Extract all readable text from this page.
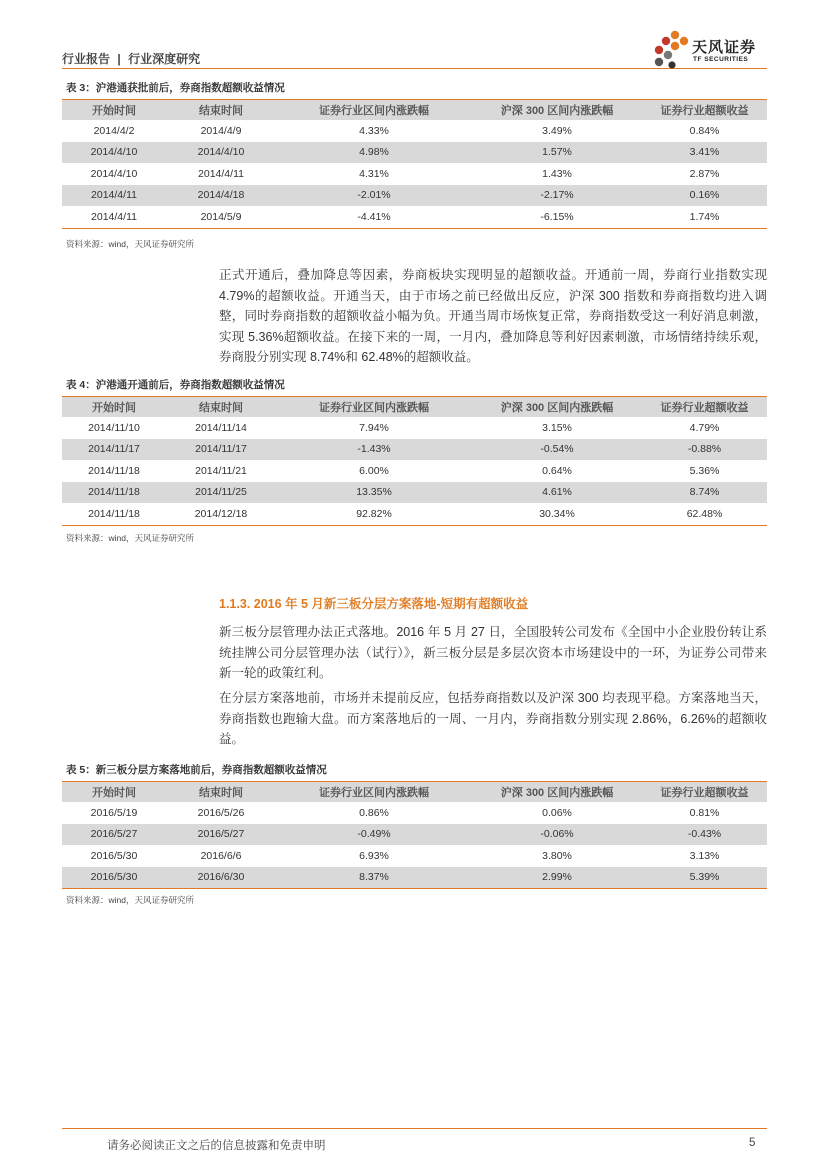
行业报告 | 行业深度研究
天风证券
TF SECURITIES
表 3：沪港通获批前后，券商指数超额收益情况
开始时间	结束时间	证券行业区间内涨跌幅	沪深 300 区间内涨跌幅	证券行业超额收益
2014/4/2	2014/4/9	4.33%	3.49%	0.84%
2014/4/10	2014/4/10	4.98%	1.57%	3.41%
2014/4/10	2014/4/11	4.31%	1.43%	2.87%
2014/4/11	2014/4/18	-2.01%	-2.17%	0.16%
2014/4/11	2014/5/9	-4.41%	-6.15%	1.74%
资料来源：wind，天风证券研究所

正式开通后，叠加降息等因素，券商板块实现明显的超额收益。开通前一周，券商行业指数实现 4.79%的超额收益。开通当天，由于市场之前已经做出反应，沪深 300 指数和券商指数均进入调整，同时券商指数的超额收益小幅为负。开通当周市场恢复正常，券商指数受这一利好消息刺激，实现 5.36%超额收益。在接下来的一周，一月内，叠加降息等利好因素刺激，市场情绪持续乐观，券商股分别实现 8.74%和 62.48%的超额收益。

表 4：沪港通开通前后，券商指数超额收益情况
开始时间	结束时间	证券行业区间内涨跌幅	沪深 300 区间内涨跌幅	证券行业超额收益
2014/11/10	2014/11/14	7.94%	3.15%	4.79%
2014/11/17	2014/11/17	-1.43%	-0.54%	-0.88%
2014/11/18	2014/11/21	6.00%	0.64%	5.36%
2014/11/18	2014/11/25	13.35%	4.61%	8.74%
2014/11/18	2014/12/18	92.82%	30.34%	62.48%
资料来源：wind，天风证券研究所
1.1.3. 2016 年 5 月新三板分层方案落地-短期有超额收益

新三板分层管理办法正式落地。2016 年 5 月 27 日，全国股转公司发布《全国中小企业股份转让系统挂牌公司分层管理办法（试行）》，新三板分层是多层次资本市场建设中的一环，为证券公司带来新一轮的政策红利。

在分层方案落地前，市场并未提前反应，包括券商指数以及沪深 300 均表现平稳。方案落地当天，券商指数也跑输大盘。而方案落地后的一周、一月内，券商指数分别实现 2.86%，6.26%的超额收益。

表 5：新三板分层方案落地前后，券商指数超额收益情况
开始时间	结束时间	证券行业区间内涨跌幅	沪深 300 区间内涨跌幅	证券行业超额收益
2016/5/19	2016/5/26	0.86%	0.06%	0.81%
2016/5/27	2016/5/27	-0.49%	-0.06%	-0.43%
2016/5/30	2016/6/6	6.93%	3.80%	3.13%
2016/5/30	2016/6/30	8.37%	2.99%	5.39%
资料来源：wind，天风证券研究所
请务必阅读正文之后的信息披露和免责申明	5
